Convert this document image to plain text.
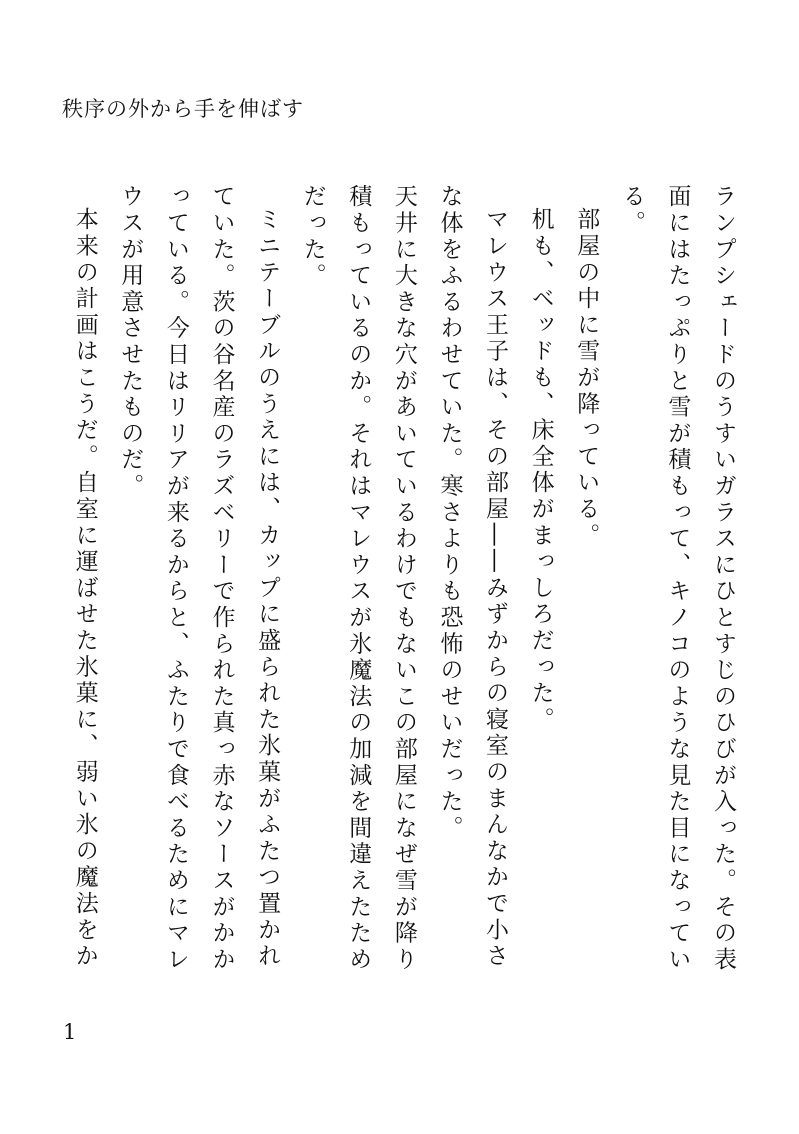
秩序の外から手を伸ばす

ランプシェードのうすいガラスにひとすじのひびが入った。その表面にはたっぷりと雪が積もって、キノコのような見た目になっている。

部屋の中に雪が降っている。

机も、ベッドも、床全体がまっしろだった。

マレウス王子は、その部屋――みずからの寝室のまんなかで小さな体をふるわせていた。寒さよりも恐怖のせいだった。

天井に大きな穴があいているわけでもないこの部屋になぜ雪が降り積もっているのか。それはマレウスが氷魔法の加減を間違えたためだった。

ミニテーブルのうえには、カップに盛られた氷菓がふたつ置かれていた。茨の谷名産のラズベリーで作られた真っ赤なソースがかかっている。今日はリリアが来るからと、ふたりで食べるためにマレウスが用意させたものだ。

本来の計画はこうだ。自室に運ばせた氷菓に、弱い氷の魔法をか

1
